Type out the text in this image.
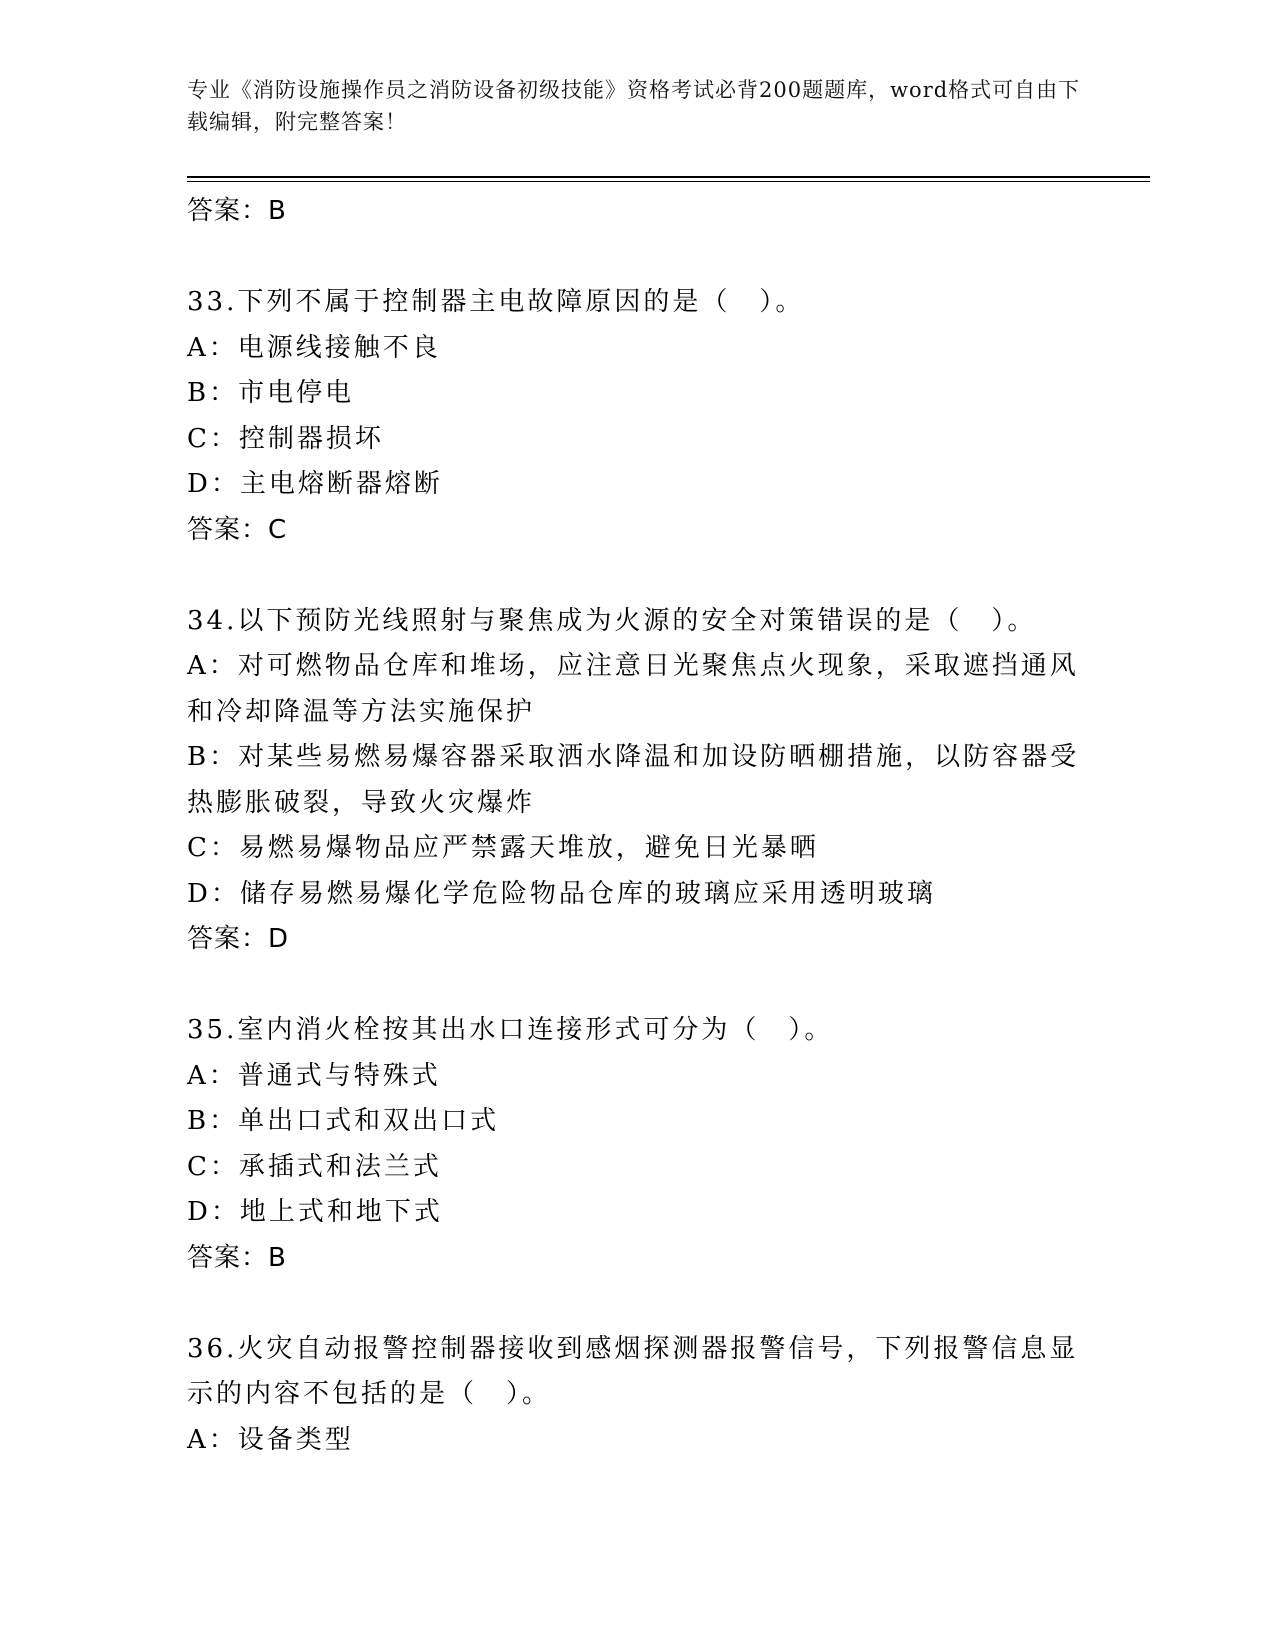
专业《消防设施操作员之消防设备初级技能》资格考试必背200题题库，word格式可自由下载编辑，附完整答案！
答案：B
33.下列不属于控制器主电故障原因的是（　）。
A：电源线接触不良
B：市电停电
C：控制器损坏
D：主电熔断器熔断
答案：C
34.以下预防光线照射与聚焦成为火源的安全对策错误的是（　）。
A：对可燃物品仓库和堆场，应注意日光聚焦点火现象，采取遮挡通风和冷却降温等方法实施保护
B：对某些易燃易爆容器采取洒水降温和加设防晒棚措施，以防容器受热膨胀破裂，导致火灾爆炸
C：易燃易爆物品应严禁露天堆放，避免日光暴晒
D：储存易燃易爆化学危险物品仓库的玻璃应采用透明玻璃
答案：D
35.室内消火栓按其出水口连接形式可分为（　）。
A：普通式与特殊式
B：单出口式和双出口式
C：承插式和法兰式
D：地上式和地下式
答案：B
36.火灾自动报警控制器接收到感烟探测器报警信号，下列报警信息显示的内容不包括的是（　）。
A：设备类型
